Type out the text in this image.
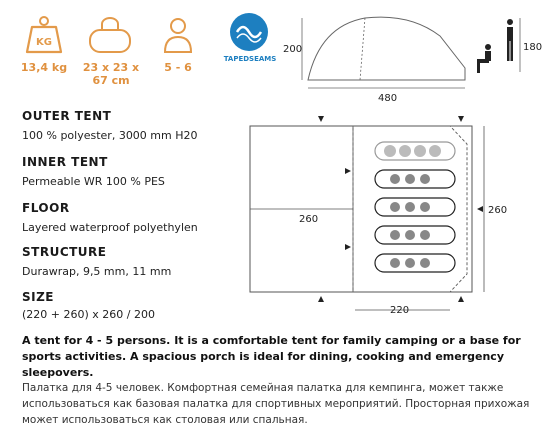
KG
13,4 kg	23 x 23 x
67 cm
5 - 6
TAPEDSEAMS
200
480
180
OUTER TENT
100 % polyester, 3000 mm H20
INNER TENT
Permeable WR 100 % PES
FLOOR
Layered waterproof polyethylen
STRUCTURE
Durawrap, 9,5 mm, 11 mm
SIZE
260
260
220
(220 + 260) x 260 / 200
A tent for 4 - 5 persons. It is a comfortable tent for family camping or a base for sports activities. A spacious porch is ideal for dining, cooking and emergency sleepovers.
Палатка для 4-5 человек. Комфортная семейная палатка для кемпинга, может также использоваться как базовая палатка для спортивных мероприятий. Просторная прихожая может использоваться как столовая или спальная.
